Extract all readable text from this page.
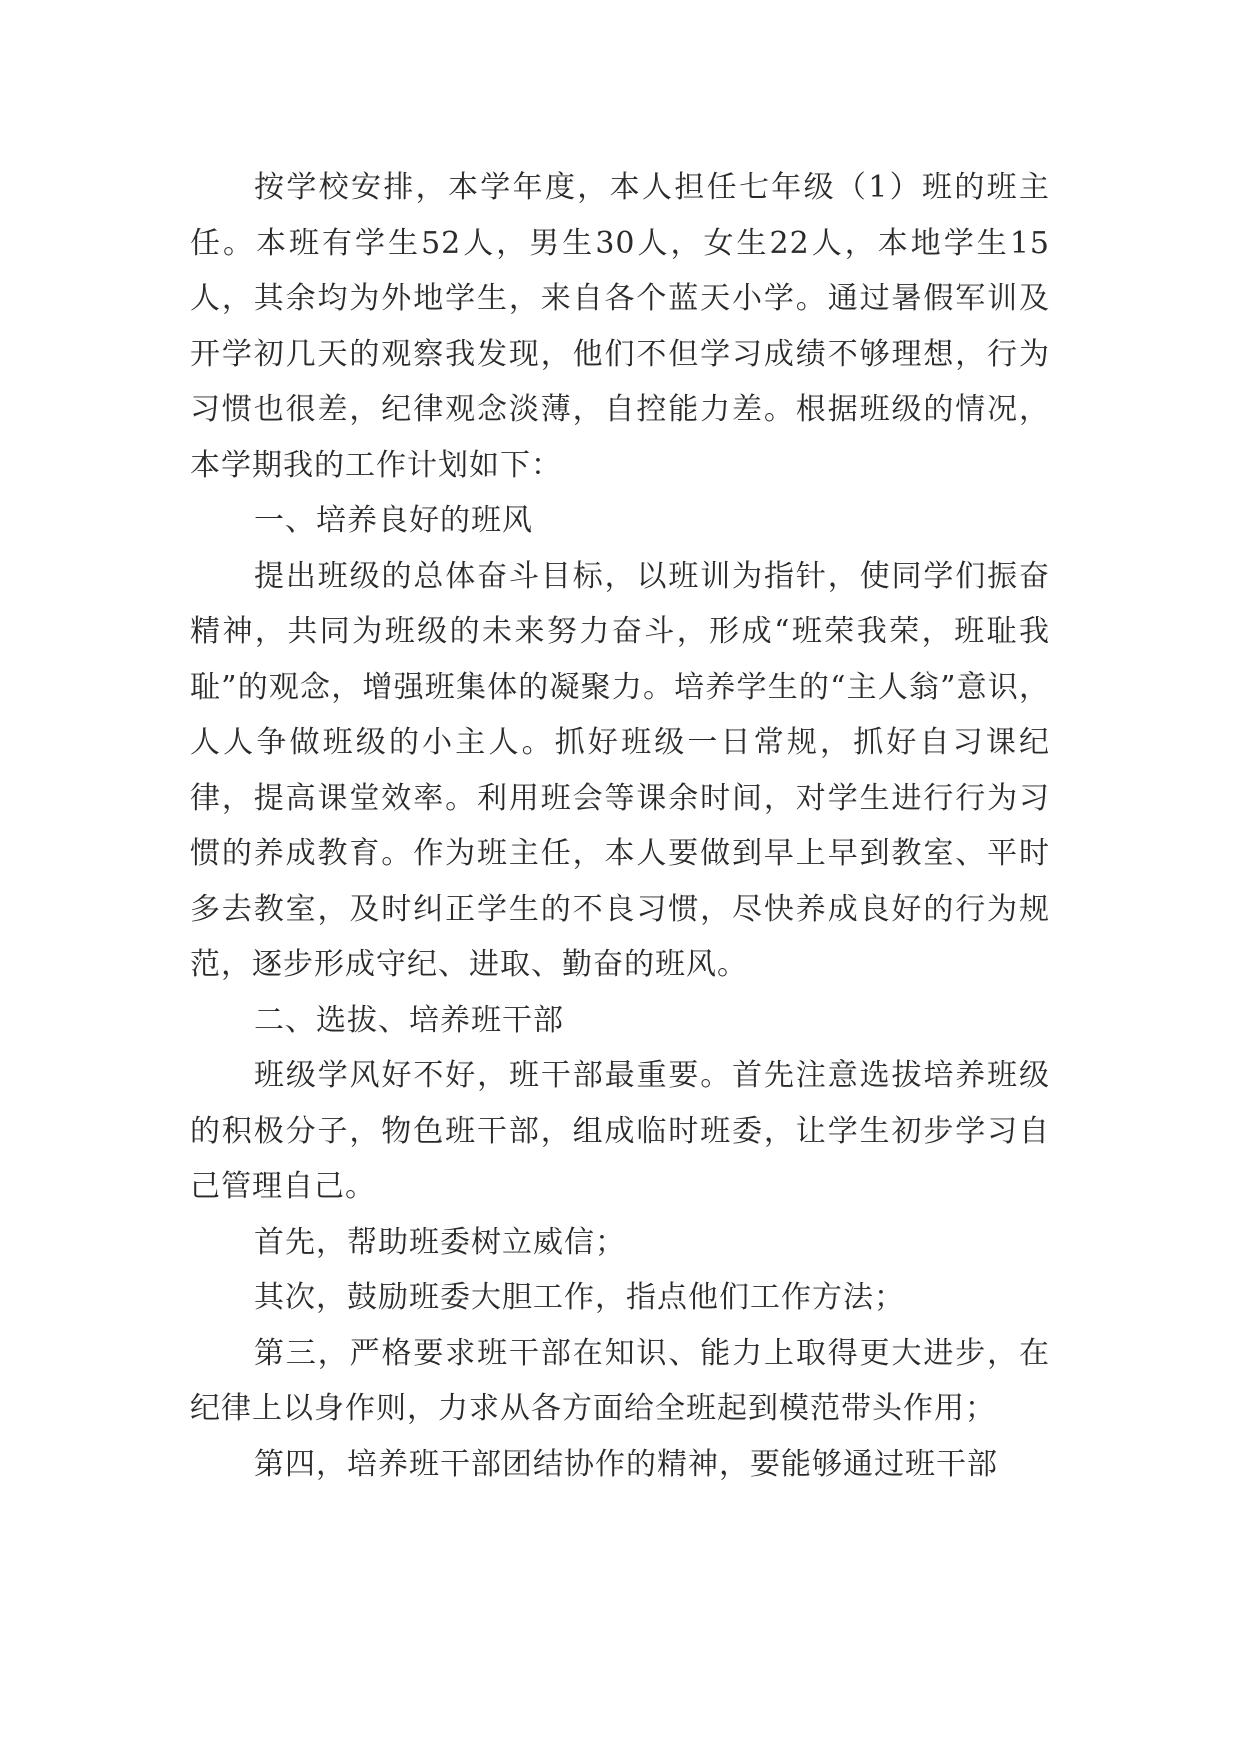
按学校安排，本学年度，本人担任七年级（1）班的班主任。本班有学生52人，男生30人，女生22人，本地学生15人，其余均为外地学生，来自各个蓝天小学。通过暑假军训及开学初几天的观察我发现，他们不但学习成绩不够理想，行为习惯也很差，纪律观念淡薄，自控能力差。根据班级的情况，本学期我的工作计划如下：

一、培养良好的班风

提出班级的总体奋斗目标，以班训为指针，使同学们振奋精神，共同为班级的未来努力奋斗，形成“班荣我荣，班耻我耻”的观念，增强班集体的凝聚力。培养学生的“主人翁”意识，人人争做班级的小主人。抓好班级一日常规，抓好自习课纪律，提高课堂效率。利用班会等课余时间，对学生进行行为习惯的养成教育。作为班主任，本人要做到早上早到教室、平时多去教室，及时纠正学生的不良习惯，尽快养成良好的行为规范，逐步形成守纪、进取、勤奋的班风。

二、选拔、培养班干部

班级学风好不好，班干部最重要。首先注意选拔培养班级的积极分子，物色班干部，组成临时班委，让学生初步学习自己管理自己。

首先，帮助班委树立威信；

其次，鼓励班委大胆工作，指点他们工作方法；

第三，严格要求班干部在知识、能力上取得更大进步，在纪律上以身作则，力求从各方面给全班起到模范带头作用；

第四，培养班干部团结协作的精神，要能够通过班干部
